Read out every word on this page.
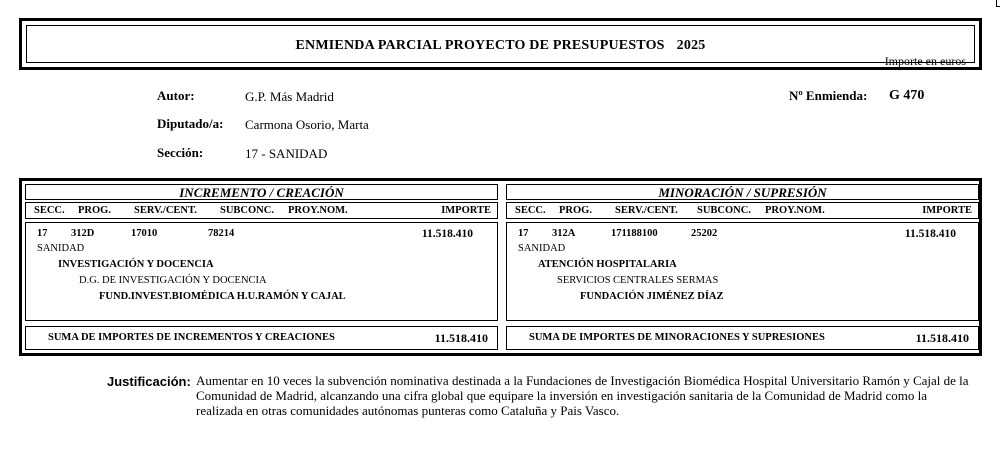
ENMIENDA PARCIAL PROYECTO DE PRESUPUESTOS 2025
Importe en euros
Autor:	G.P. Más Madrid
Diputado/a: Carmona Osorio, Marta
Sección:	17 - SANIDAD
Nº Enmienda: G 470
INCREMENTO / CREACIÓN
SECC. PROG. SERV./CENT. SUBCONC. PROY.NOM.	IMPORTE
17 312D	17010	78214	11.518.410
SANIDAD
INVESTIGACIÓN Y DOCENCIA
D.G. DE INVESTIGACIÓN Y DOCENCIA
FUND.INVEST.BIOMÉDICA H.U.RAMÓN Y CAJAL
SUMA DE IMPORTES DE INCREMENTOS Y CREACIONES	11.518.410
MINORACIÓN / SUPRESIÓN
SECC. PROG. SERV./CENT. SUBCONC. PROY.NOM.	IMPORTE
17 312A	171188100	25202	11.518.410
SANIDAD
ATENCIÓN HOSPITALARIA
SERVICIOS CENTRALES SERMAS
FUNDACIÓN JIMÉNEZ DÍAZ
SUMA DE IMPORTES DE MINORACIONES Y SUPRESIONES	11.518.410
Justificación: Aumentar en 10 veces la subvención nominativa destinada a la Fundaciones de Investigación Biomédica Hospital Universitario Ramón y Cajal de la Comunidad de Madrid, alcanzando una cifra global que equipare la inversión en investigación sanitaria de la Comunidad de Madrid como la realizada en otras comunidades autónomas punteras como Cataluña y Pais Vasco.
